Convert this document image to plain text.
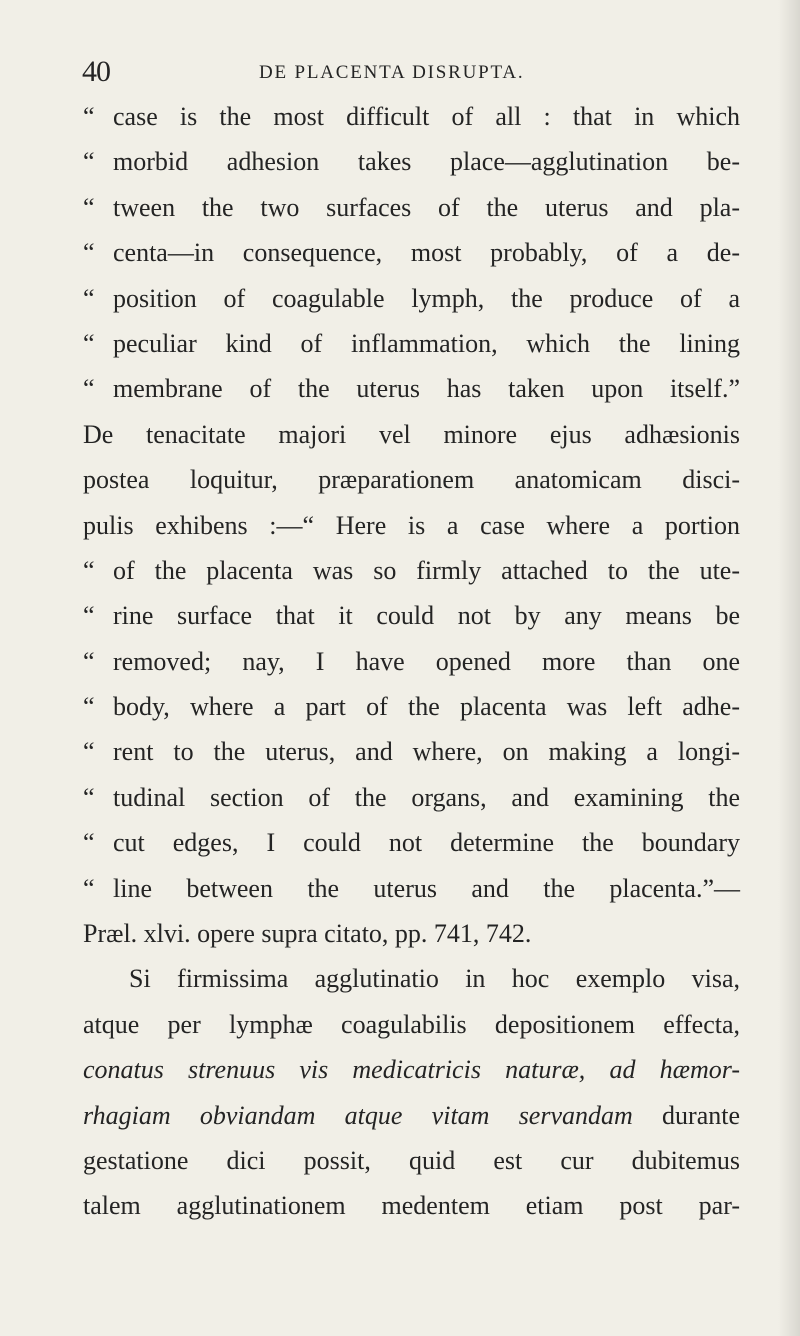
40	DE PLACENTA DISRUPTA.
“ case is the most difficult of all : that in which
“ morbid adhesion takes place—agglutination be-
“ tween the two surfaces of the uterus and pla-
“ centa—in consequence, most probably, of a de-
“ position of coagulable lymph, the produce of a
“ peculiar kind of inflammation, which the lining
“ membrane of the uterus has taken upon itself.”
De tenacitate majori vel minore ejus adhæsionis
postea loquitur, præparationem anatomicam disci-
pulis exhibens :—“ Here is a case where a portion
“ of the placenta was so firmly attached to the ute-
“ rine surface that it could not by any means be
“ removed; nay, I have opened more than one
“ body, where a part of the placenta was left adhe-
“ rent to the uterus, and where, on making a longi-
“ tudinal section of the organs, and examining the
“ cut edges, I could not determine the boundary
“ line between the uterus and the placenta.”—
Præl. xlvi. opere supra citato, pp. 741, 742.
Si firmissima agglutinatio in hoc exemplo visa,
atque per lymphæ coagulabilis depositionem effecta,
conatus strenuus vis medicatricis naturæ, ad hæmor-
rhagiam obviandam atque vitam servandam durante
gestatione dici possit, quid est cur dubitemus
talem agglutinationem medentem etiam post par-
